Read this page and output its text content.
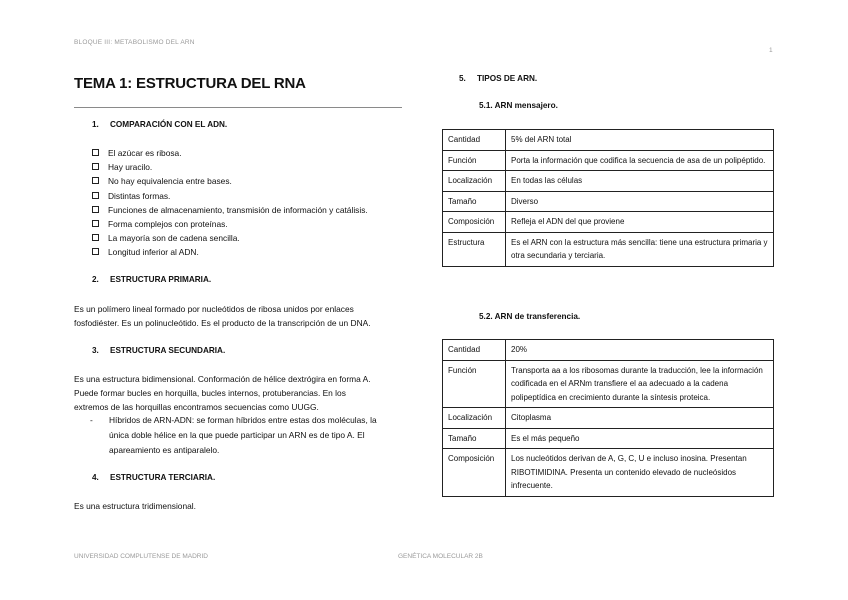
BLOQUE III: METABOLISMO DEL ARN
1
TEMA 1: ESTRUCTURA DEL RNA
1. COMPARACIÓN CON EL ADN.
El azúcar es ribosa.
Hay uracilo.
No hay equivalencia entre bases.
Distintas formas.
Funciones de almacenamiento, transmisión de información y catálisis.
Forma complejos con proteínas.
La mayoría son de cadena sencilla.
Longitud inferior al ADN.
2. ESTRUCTURA PRIMARIA.
Es un polímero lineal formado por nucleótidos de ribosa unidos por enlaces
fosfodiéster. Es un polinucleótido. Es el producto de la transcripción de un DNA.
3. ESTRUCTURA SECUNDARIA.
Es una estructura bidimensional. Conformación de hélice dextrógira en forma A.
Puede formar bucles en horquilla, bucles internos, protuberancias. En los
extremos de las horquillas encontramos secuencias como UUGG.
- Híbridos de ARN-ADN: se forman híbridos entre estas dos moléculas, la
única doble hélice en la que puede participar un ARN es de tipo A. El
apareamiento es antiparalelo.
4. ESTRUCTURA TERCIARIA.
Es una estructura tridimensional.
5. TIPOS DE ARN.
5.1. ARN mensajero.
Cantidad	5% del ARN total
Función	Porta la información que codifica la secuencia de asa de un polipéptido.
Localización	En todas las células
Tamaño	Diverso
Composición	Refleja el ADN del que proviene
Estructura	Es el ARN con la estructura más sencilla: tiene una estructura primaria y otra secundaria y terciaria.
5.2. ARN de transferencia.
Cantidad	20%
Función	Transporta aa a los ribosomas durante la traducción, lee la información codificada en el ARNm transfiere el aa adecuado a la cadena polipeptídica en crecimiento durante la síntesis proteica.
Localización	Citoplasma
Tamaño	Es el más pequeño
Composición	Los nucleótidos derivan de A, G, C, U e incluso inosina. Presentan RIBOTIMIDINA. Presenta un contenido elevado de nucleósidos infrecuente.
UNIVERSIDAD COMPLUTENSE DE MADRID	GENÉTICA MOLECULAR 2B
